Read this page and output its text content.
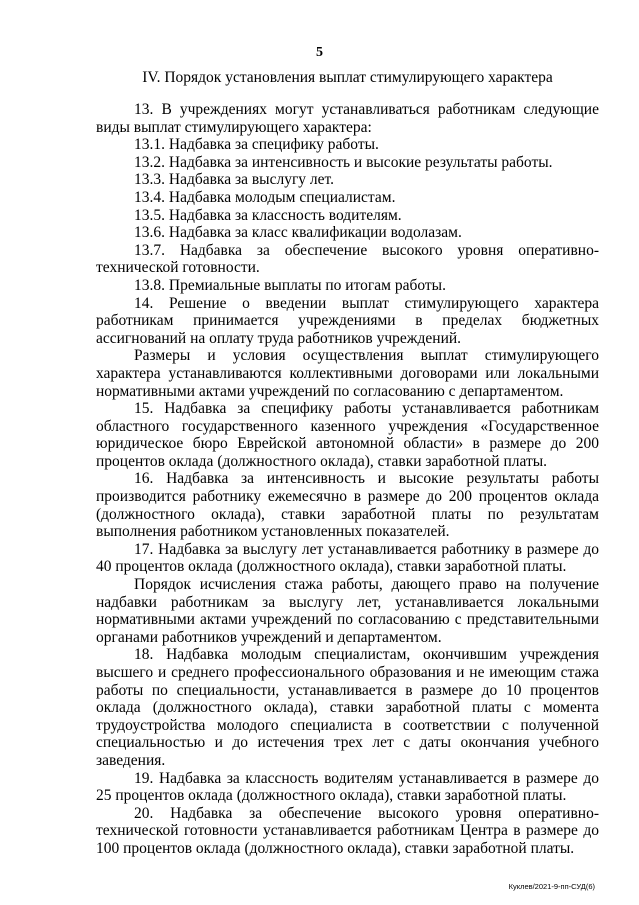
5
IV. Порядок установления выплат стимулирующего характера

13. В учреждениях могут устанавливаться работникам следующие виды выплат стимулирующего характера:

13.1. Надбавка за специфику работы.

13.2. Надбавка за интенсивность и высокие результаты работы.

13.3. Надбавка за выслугу лет.

13.4. Надбавка молодым специалистам.

13.5. Надбавка за классность водителям.

13.6. Надбавка за класс квалификации водолазам.

13.7. Надбавка за обеспечение высокого уровня оперативно-технической готовности.

13.8. Премиальные выплаты по итогам работы.

14. Решение о введении выплат стимулирующего характера работникам принимается учреждениями в пределах бюджетных ассигнований на оплату труда работников учреждений.

Размеры и условия осуществления выплат стимулирующего характера устанавливаются коллективными договорами или локальными нормативными актами учреждений по согласованию с департаментом.

15. Надбавка за специфику работы устанавливается работникам областного государственного казенного учреждения «Государственное юридическое бюро Еврейской автономной области» в размере до 200 процентов оклада (должностного оклада), ставки заработной платы.

16. Надбавка за интенсивность и высокие результаты работы производится работнику ежемесячно в размере до 200 процентов оклада (должностного оклада), ставки заработной платы по результатам выполнения работником установленных показателей.

17. Надбавка за выслугу лет устанавливается работнику в размере до 40 процентов оклада (должностного оклада), ставки заработной платы.

Порядок исчисления стажа работы, дающего право на получение надбавки работникам за выслугу лет, устанавливается локальными нормативными актами учреждений по согласованию с представительными органами работников учреждений и департаментом.

18. Надбавка молодым специалистам, окончившим учреждения высшего и среднего профессионального образования и не имеющим стажа работы по специальности, устанавливается в размере до 10 процентов оклада (должностного оклада), ставки заработной платы с момента трудоустройства молодого специалиста в соответствии с полученной специальностью и до истечения трех лет с даты окончания учебного заведения.

19. Надбавка за классность водителям устанавливается в размере до 25 процентов оклада (должностного оклада), ставки заработной платы.

20. Надбавка за обеспечение высокого уровня оперативно-технической готовности устанавливается работникам Центра в размере до 100 процентов оклада (должностного оклада), ставки заработной платы.

Куклев/2021-9-пп-СУД(6)
